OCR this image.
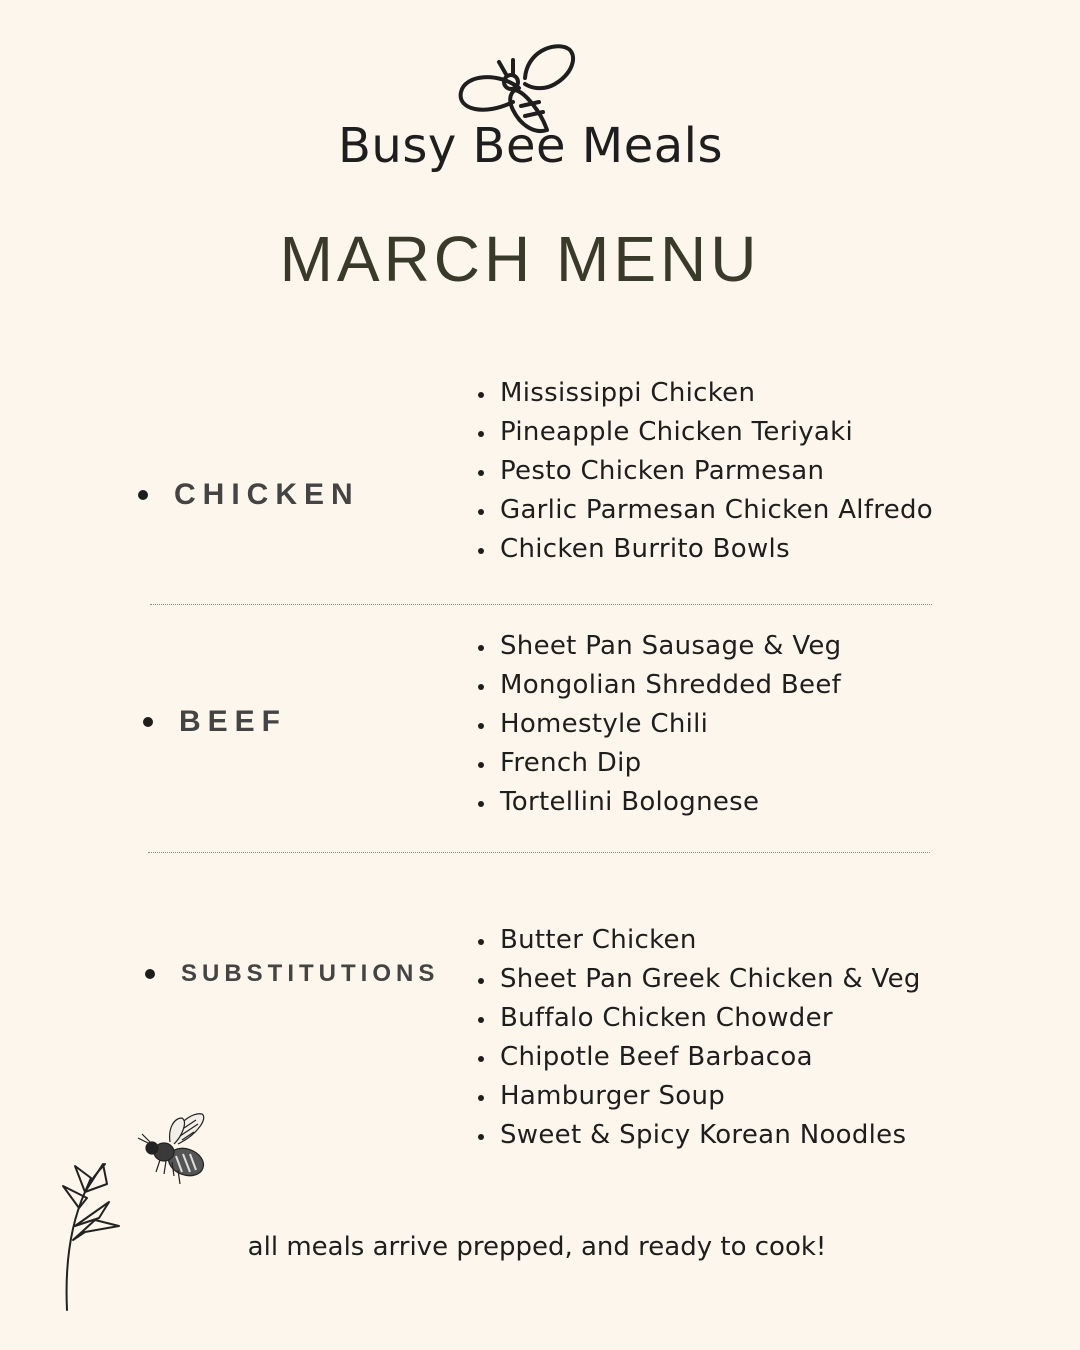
Busy Bee Meals
MARCH MENU
CHICKEN
Mississippi Chicken
Pineapple Chicken Teriyaki
Pesto Chicken Parmesan
Garlic Parmesan Chicken Alfredo
Chicken Burrito Bowls
BEEF
Sheet Pan Sausage & Veg
Mongolian Shredded Beef
Homestyle Chili
French Dip
Tortellini Bolognese
SUBSTITUTIONS
Butter Chicken
Sheet Pan Greek Chicken & Veg
Buffalo Chicken Chowder
Chipotle Beef Barbacoa
Hamburger Soup
Sweet & Spicy Korean Noodles
all meals arrive prepped, and ready to cook!
